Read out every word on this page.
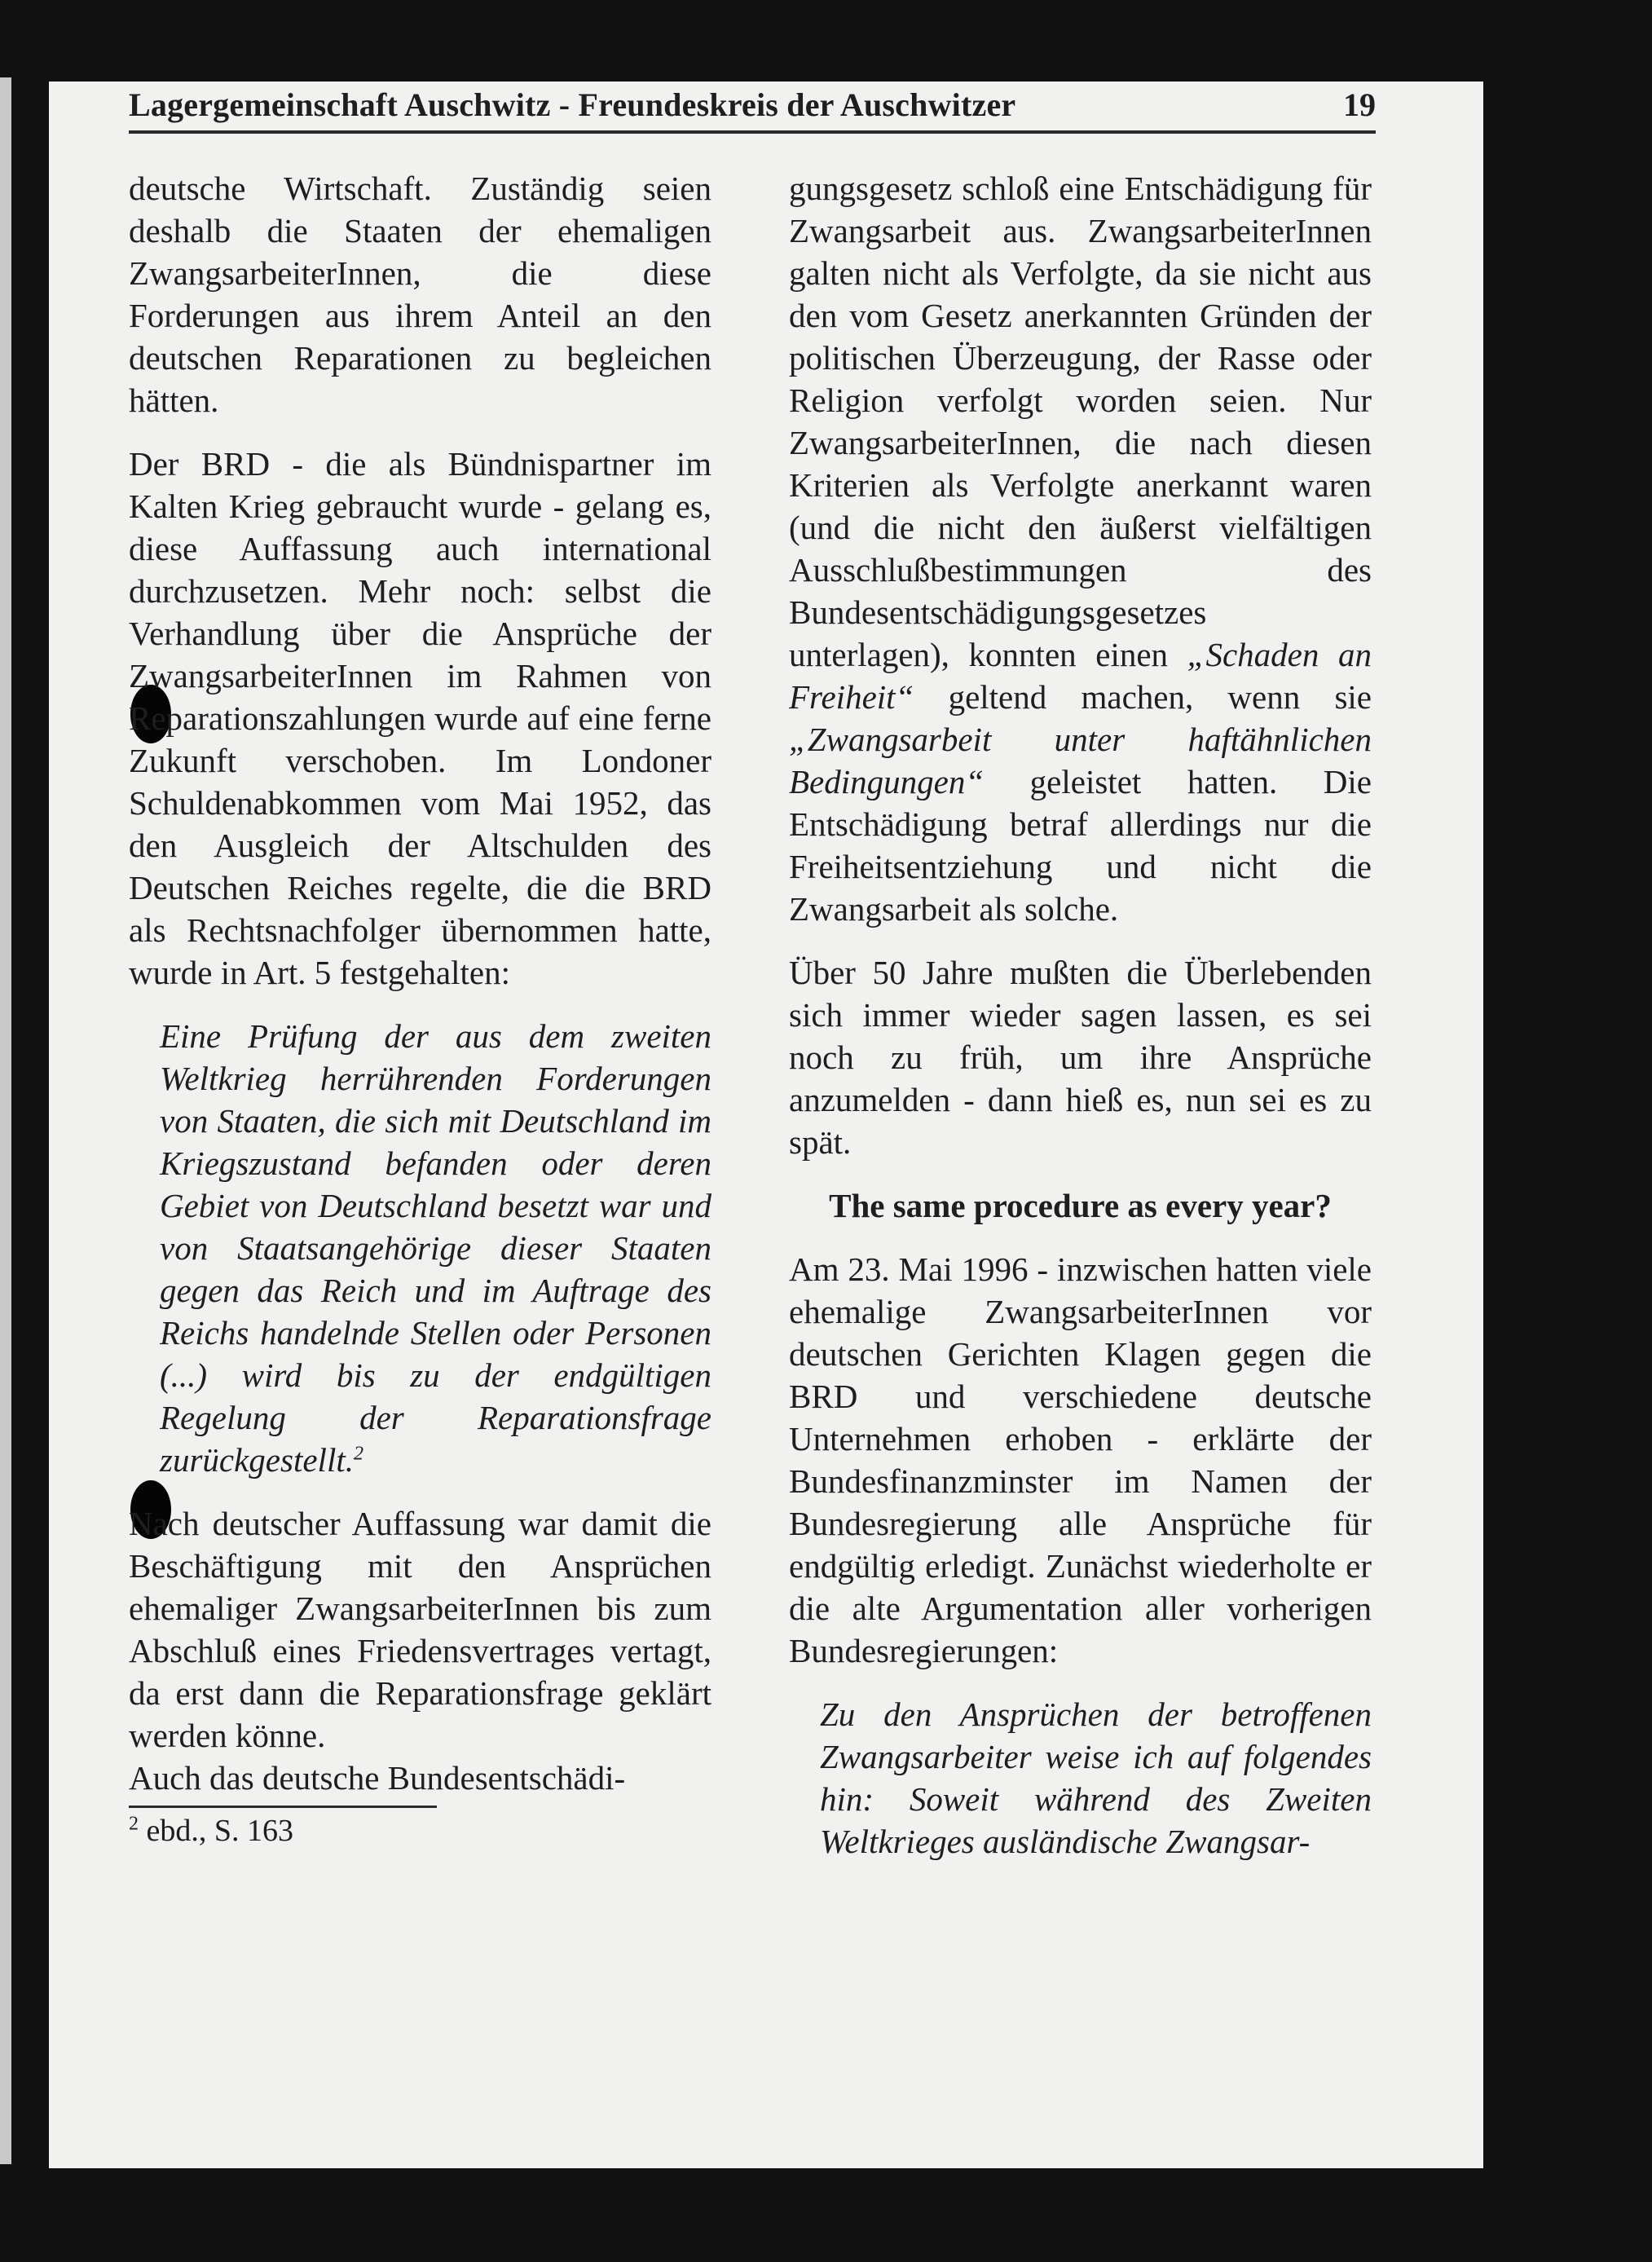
Lagergemeinschaft Auschwitz - Freundeskreis der Auschwitzer	19

deutsche Wirtschaft. Zuständig seien deshalb die Staaten der ehemaligen ZwangsarbeiterInnen, die diese Forderungen aus ihrem Anteil an den deutschen Reparationen zu begleichen hätten.

Der BRD - die als Bündnispartner im Kalten Krieg gebraucht wurde - gelang es, diese Auffassung auch international durchzusetzen. Mehr noch: selbst die Verhandlung über die Ansprüche der ZwangsarbeiterInnen im Rahmen von Reparationszahlungen wurde auf eine ferne Zukunft verschoben. Im Londoner Schuldenabkommen vom Mai 1952, das den Ausgleich der Altschulden des Deutschen Reiches regelte, die die BRD als Rechtsnachfolger übernommen hatte, wurde in Art. 5 festgehalten:

Eine Prüfung der aus dem zweiten Weltkrieg herrührenden Forderungen von Staaten, die sich mit Deutschland im Kriegszustand befanden oder deren Gebiet von Deutschland besetzt war und von Staatsangehörige dieser Staaten gegen das Reich und im Auftrage des Reichs handelnde Stellen oder Personen (...) wird bis zu der endgültigen Regelung der Reparationsfrage zurückgestellt.$^2$

Nach deutscher Auffassung war damit die Beschäftigung mit den Ansprüchen ehemaliger ZwangsarbeiterInnen bis zum Abschluß eines Friedensvertrages vertagt, da erst dann die Reparationsfrage geklärt werden könne.

Auch das deutsche Bundesentschädi-

$^2$ ebd., S. 163

gungsgesetz schloß eine Entschädigung für Zwangsarbeit aus. ZwangsarbeiterInnen galten nicht als Verfolgte, da sie nicht aus den vom Gesetz anerkannten Gründen der politischen Überzeugung, der Rasse oder Religion verfolgt worden seien. Nur ZwangsarbeiterInnen, die nach diesen Kriterien als Verfolgte anerkannt waren (und die nicht den äußerst vielfältigen Ausschlußbestimmungen des Bundesentschädigungsgesetzes unterlagen), konnten einen „Schaden an Freiheit“ geltend machen, wenn sie „Zwangsarbeit unter haftähnlichen Bedingungen“ geleistet hatten. Die Entschädigung betraf allerdings nur die Freiheitsentziehung und nicht die Zwangsarbeit als solche.

Über 50 Jahre mußten die Überlebenden sich immer wieder sagen lassen, es sei noch zu früh, um ihre Ansprüche anzumelden - dann hieß es, nun sei es zu spät.

The same procedure as every year?

Am 23. Mai 1996 - inzwischen hatten viele ehemalige ZwangsarbeiterInnen vor deutschen Gerichten Klagen gegen die BRD und verschiedene deutsche Unternehmen erhoben - erklärte der Bundesfinanzminster im Namen der Bundesregierung alle Ansprüche für endgültig erledigt. Zunächst wiederholte er die alte Argumentation aller vorherigen Bundesregierungen:

Zu den Ansprüchen der betroffenen Zwangsarbeiter weise ich auf folgendes hin: Soweit während des Zweiten Weltkrieges ausländische Zwangsar-
